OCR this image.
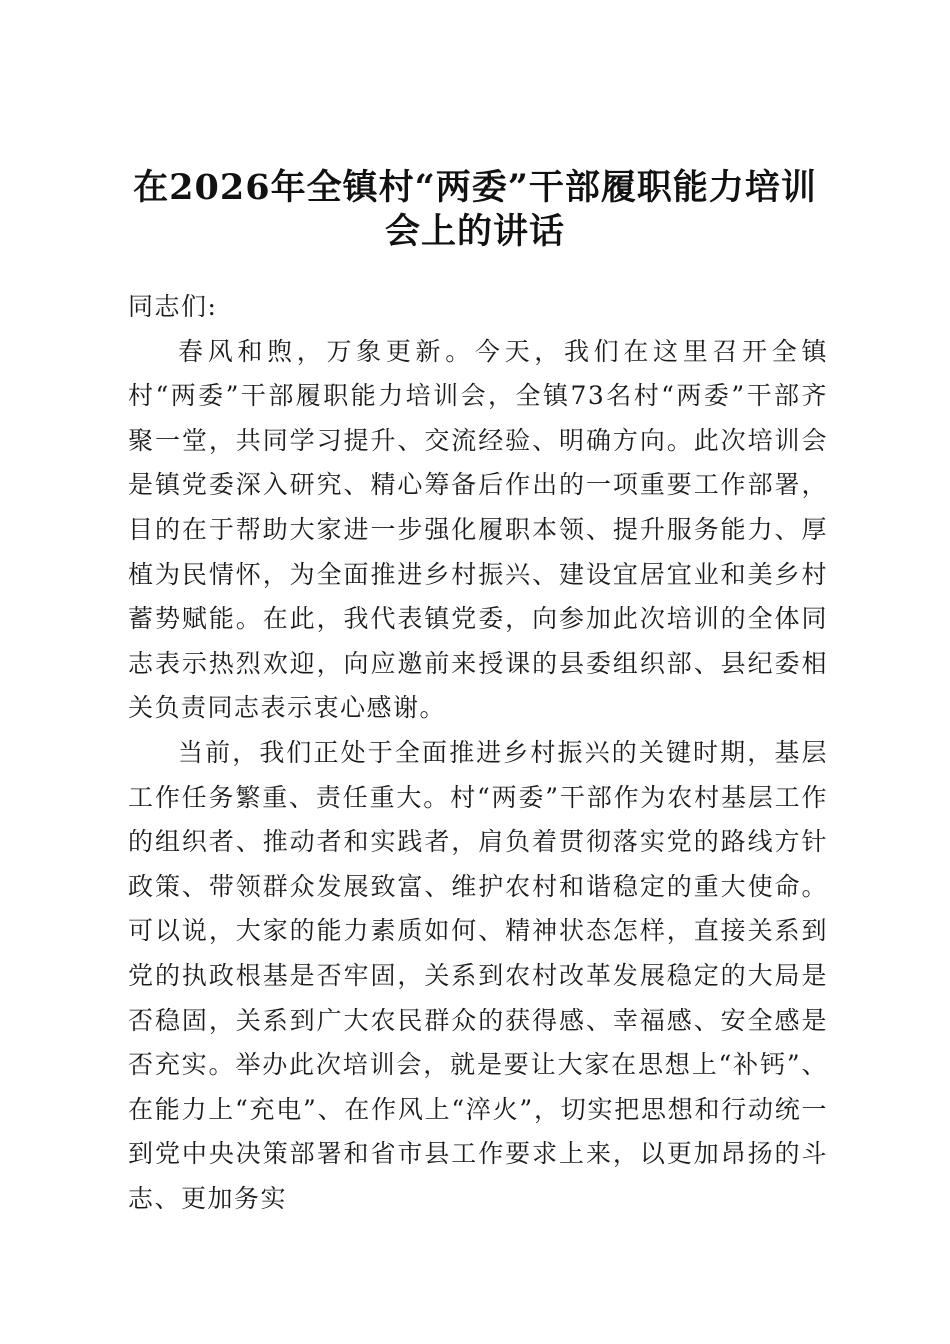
在2026年全镇村“两委”干部履职能力培训
会上的讲话

同志们:

春风和煦，万象更新。今天，我们在这里召开全镇村“两委”干部履职能力培训会，全镇73名村“两委”干部齐聚一堂，共同学习提升、交流经验、明确方向。此次培训会是镇党委深入研究、精心筹备后作出的一项重要工作部署，目的在于帮助大家进一步强化履职本领、提升服务能力、厚植为民情怀，为全面推进乡村振兴、建设宜居宜业和美乡村蓄势赋能。在此，我代表镇党委，向参加此次培训的全体同志表示热烈欢迎，向应邀前来授课的县委组织部、县纪委相关负责同志表示衷心感谢。

当前，我们正处于全面推进乡村振兴的关键时期，基层工作任务繁重、责任重大。村“两委”干部作为农村基层工作的组织者、推动者和实践者，肩负着贯彻落实党的路线方针政策、带领群众发展致富、维护农村和谐稳定的重大使命。可以说，大家的能力素质如何、精神状态怎样，直接关系到党的执政根基是否牢固，关系到农村改革发展稳定的大局是否稳固，关系到广大农民群众的获得感、幸福感、安全感是否充实。举办此次培训会，就是要让大家在思想上“补钙”、在能力上“充电”、在作风上“淬火”，切实把思想和行动统一到党中央决策部署和省市县工作要求上来，以更加昂扬的斗志、更加务实
